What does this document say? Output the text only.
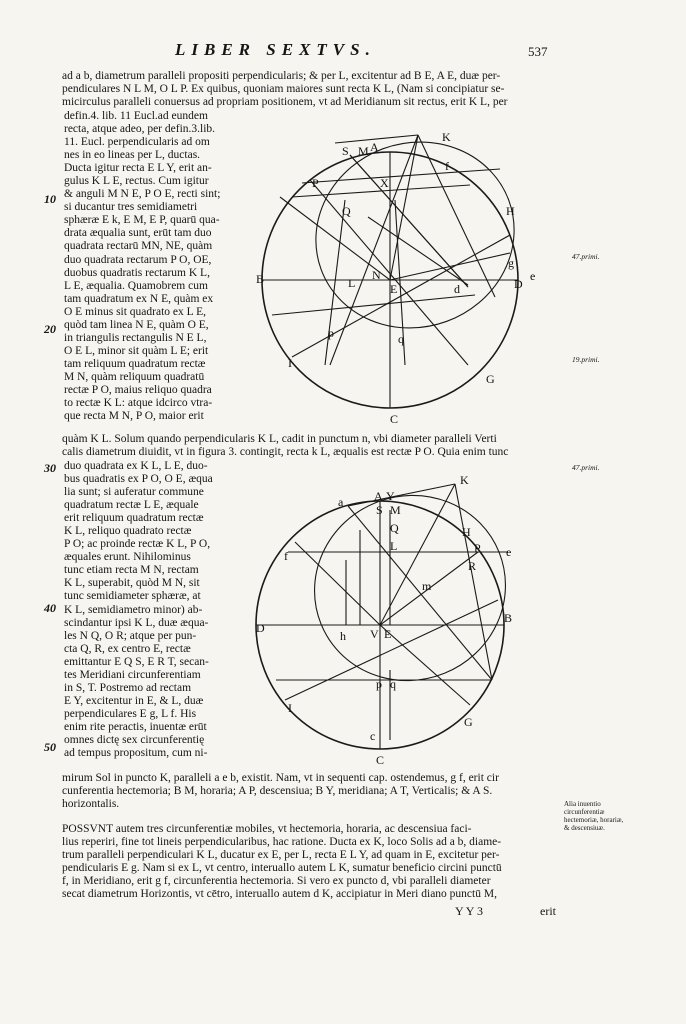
LIBER SEXTVS.	537
ad a b, diametrum paralleli propositi perpendicularis; & per L, excitentur ad B E, A E, duæ per-
pendiculares N L M, O L P. Ex quibus, quoniam maiores sunt recta K L, (Nam si concipiatur se-
micirculus paralleli conuersus ad propriam positionem, vt ad Meridianum sit rectus, erit K L, per
defin.4. lib. 11 Eucl.ad eundem
recta, atque adeo, per defin.3.lib.
11. Eucl. perpendicularis ad om
nes in eo lineas per L, ductas.
Ducta igitur recta E L Y, erit an-
gulus K L E, rectus. Cum igitur
& anguli M N E, P O E, recti sint;
si ducantur tres semidiametri
sphæræ E k, E M, E P, quarū qua-
drata æqualia sunt, erūt tam duo
quadrata rectarū MN, NE, quàm
duo quadrata rectarum P O, OE,
duobus quadratis rectarum K L,
L E, æqualia. Quamobrem cum
tam quadratum ex N E, quàm ex
O E minus sit quadrato ex L E,
quòd tam linea N E, quàm O E,
in triangulis rectangulis N E L,
O E L, minor sit quàm L E; erit
tam reliquum quadratum rectæ
M N, quàm reliquum quadratū
rectæ P O, maius reliquo quadra
to rectæ K L: atque idcirco vtra-
que recta M N, P O, maior erit
quàm K L. Solum quando perpendicularis K L, cadit in punctum n, vbi diameter paralleli Verti
calis diametrum diuidit, vt in figura 3. contingit, recta k L, æqualis est rectæ P O. Quia enim tunc
duo quadrata ex K L, L E, duo-
bus quadratis ex P O, O E, æqua
lia sunt; si auferatur commune
quadratum rectæ L E, æquale
erit reliquum quadratum rectæ
K L, reliquo quadrato rectæ
P O; ac proinde rectæ K L, P O,
æquales erunt. Nihilominus
tunc etiam recta M N, rectam
K L, superabit, quòd M N, sit
tunc semidiameter sphæræ, at
K L, semidiametro minor) ab-
scindantur ipsi K L, duæ æqua-
les N Q, O R; atque per pun-
cta Q, R, ex centro E, rectæ
emittantur E Q S, E R T, secan-
tes Meridiani circunferentiam
in S, T. Postremo ad rectam
E Y, excitentur in E, & L, duæ
perpendiculares E g, L f. His
enim rite peractis, inuentæ erūt
omnes dictę sex circunferentię
ad tempus propositum, cum ni-
mirum Sol in puncto K, paralleli a e b, existit. Nam, vt in sequenti cap. ostendemus, g f, erit cir
cunferentia hectemoria; B M, horaria; A P, descensiua; B Y, meridiana; A T, Verticalis; & A S.
horizontalis.
POSSVNT autem tres circunferentiæ mobiles, vt hectemoria, horaria, ac descensiua faci-
lius reperiri, fine tot lineis perpendicularibus, hac ratione. Ducta ex K, loco Solis ad a b, diame-
trum paralleli perpendiculari K L, ducatur ex E, per L, recta E L Y, ad quam in E, excitetur per-
pendicularis E g. Nam si ex L, vt centro, interuallo autem L K, sumatur beneficio circini punctū
f, in Meridiano, erit g f, circunferentia hectemoria. Si vero ex puncto d, vbi paralleli diameter
secat diametrum Horizontis, vt cētro, interuallo autem d K, accipiatur in Meri diano punctū M,
Y Y 3	erit
10
20
30
40
50
47.primi.
19.primi.
47.primi.
Alia inuentio circunferentiæ hectemoriæ, horariæ, & descensiuæ.
K
A
S M
P
f
H
e
B	D
E
N
g
I
G
C
p	q
Q
X
L	d
K
A Y
S M
Q
L
a
f
H
P e
R
B
D	V E
h
m
p q
I
G
C
c
